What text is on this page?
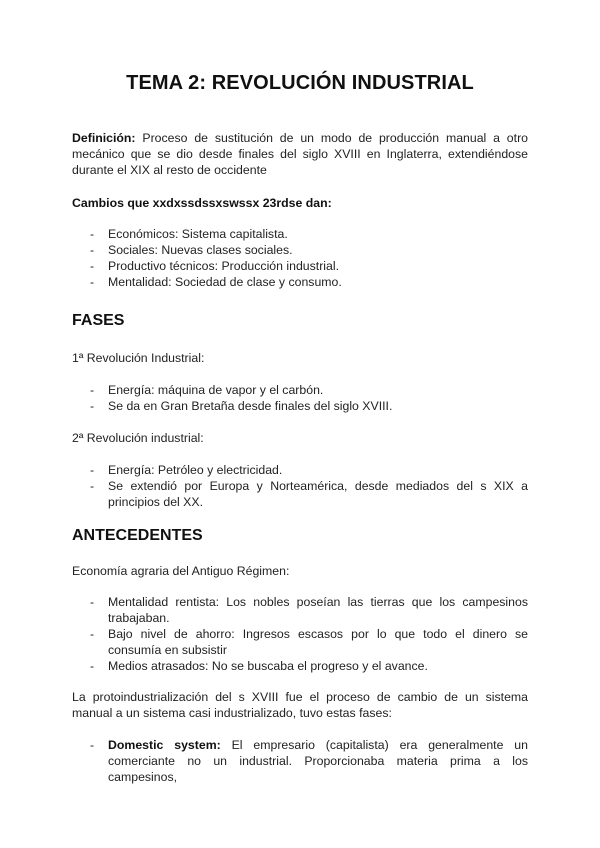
TEMA 2: REVOLUCIÓN INDUSTRIAL
Definición: Proceso de sustitución de un modo de producción manual a otro mecánico que se dio desde finales del siglo XVIII en Inglaterra, extendiéndose durante el XIX al resto de occidente
Cambios que xxdxssdssxswssx 23rdse dan:
- Económicos: Sistema capitalista.
- Sociales: Nuevas clases sociales.
- Productivo técnicos: Producción industrial.
- Mentalidad: Sociedad de clase y consumo.
FASES
1ª Revolución Industrial:
- Energía: máquina de vapor y el carbón.
- Se da en Gran Bretaña desde finales del siglo XVIII.
2ª Revolución industrial:
- Energía: Petróleo y electricidad.
- Se extendió por Europa y Norteamérica, desde mediados del s XIX a principios del XX.
ANTECEDENTES
Economía agraria del Antiguo Régimen:
- Mentalidad rentista: Los nobles poseían las tierras que los campesinos trabajaban.
- Bajo nivel de ahorro: Ingresos escasos por lo que todo el dinero se consumía en subsistir
- Medios atrasados: No se buscaba el progreso y el avance.
La protoindustrialización del s XVIII fue el proceso de cambio de un sistema manual a un sistema casi industrializado, tuvo estas fases:
- Domestic system: El empresario (capitalista) era generalmente un comerciante no un industrial. Proporcionaba materia prima a los campesinos,
